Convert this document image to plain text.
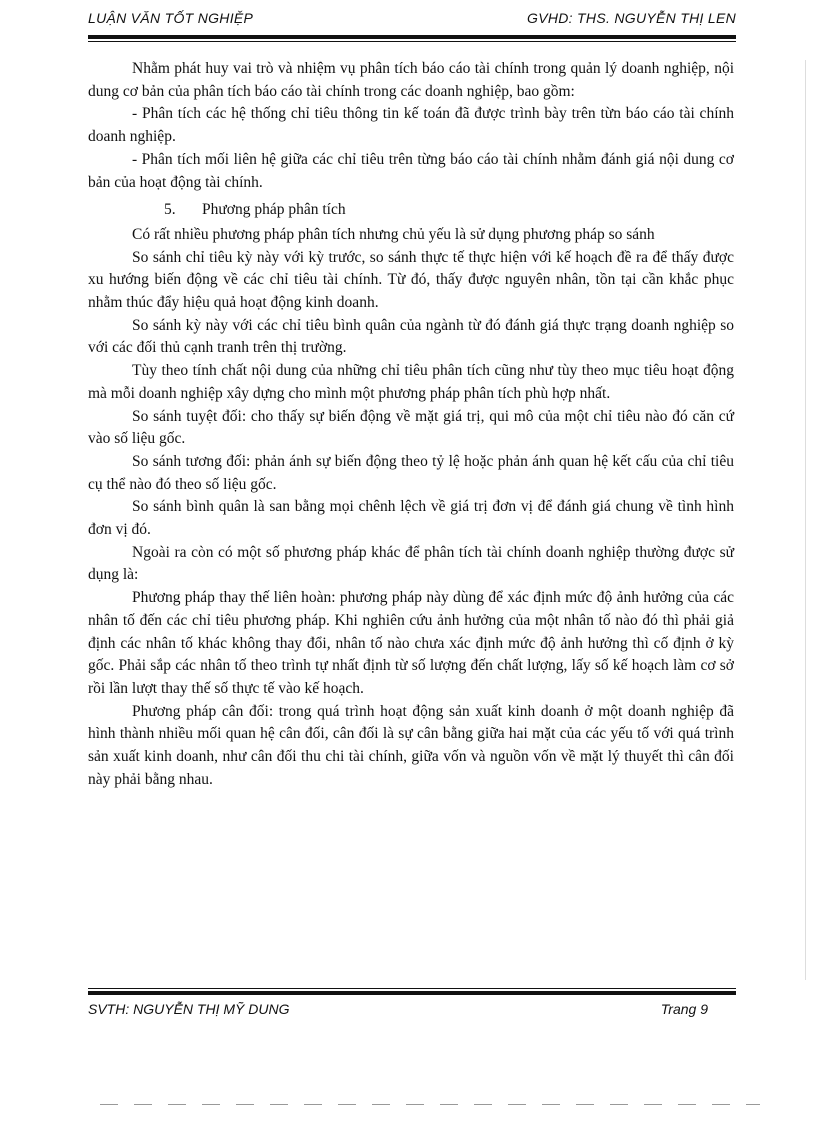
LUẬN VĂN TỐT NGHIỆP	GVHD: THS. NGUYỄN THỊ LEN

Nhằm phát huy vai trò và nhiệm vụ phân tích báo cáo tài chính trong quản lý doanh nghiệp, nội dung cơ bản của phân tích báo cáo tài chính trong các doanh nghiệp, bao gồm:

- Phân tích các hệ thống chỉ tiêu thông tin kế toán đã được trình bày trên từn báo cáo tài chính doanh nghiệp.

- Phân tích mối liên hệ giữa các chỉ tiêu trên từng báo cáo tài chính nhằm đánh giá nội dung cơ bản của hoạt động tài chính.

5. Phương pháp phân tích

Có rất nhiều phương pháp phân tích nhưng chủ yếu là sử dụng phương pháp so sánh

So sánh chỉ tiêu kỳ này với kỳ trước, so sánh thực tế thực hiện với kế hoạch đề ra để thấy được xu hướng biến động về các chỉ tiêu tài chính. Từ đó, thấy được nguyên nhân, tồn tại cần khắc phục nhằm thúc đẩy hiệu quả hoạt động kinh doanh.

So sánh kỳ này với các chỉ tiêu bình quân của ngành từ đó đánh giá thực trạng doanh nghiệp so với các đối thủ cạnh tranh trên thị trường.

Tùy theo tính chất nội dung của những chỉ tiêu phân tích cũng như tùy theo mục tiêu hoạt động mà mỗi doanh nghiệp xây dựng cho mình một phương pháp phân tích phù hợp nhất.

So sánh tuyệt đối: cho thấy sự biến động về mặt giá trị, qui mô của một chỉ tiêu nào đó căn cứ vào số liệu gốc.

So sánh tương đối: phản ánh sự biến động theo tỷ lệ hoặc phản ánh quan hệ kết cấu của chỉ tiêu cụ thể nào đó theo số liệu gốc.

So sánh bình quân là san bằng mọi chênh lệch về giá trị đơn vị để đánh giá chung về tình hình đơn vị đó.

Ngoài ra còn có một số phương pháp khác để phân tích tài chính doanh nghiệp thường được sử dụng là:

Phương pháp thay thế liên hoàn: phương pháp này dùng để xác định mức độ ảnh hưởng của các nhân tố đến các chỉ tiêu phương pháp. Khi nghiên cứu ảnh hưởng của một nhân tố nào đó thì phải giả định các nhân tố khác không thay đổi, nhân tố nào chưa xác định mức độ ảnh hưởng thì cố định ở kỳ gốc. Phải sắp các nhân tố theo trình tự nhất định từ số lượng đến chất lượng, lấy số kế hoạch làm cơ sở rồi lần lượt thay thế số thực tế vào kế hoạch.

Phương pháp cân đối: trong quá trình hoạt động sản xuất kinh doanh ở một doanh nghiệp đã hình thành nhiều mối quan hệ cân đối, cân đối là sự cân bằng giữa hai mặt của các yếu tố với quá trình sản xuất kinh doanh, như cân đối thu chi tài chính, giữa vốn và nguồn vốn về mặt lý thuyết thì cân đối này phải bằng nhau.

SVTH: NGUYỄN THỊ MỸ DUNG	Trang 9
